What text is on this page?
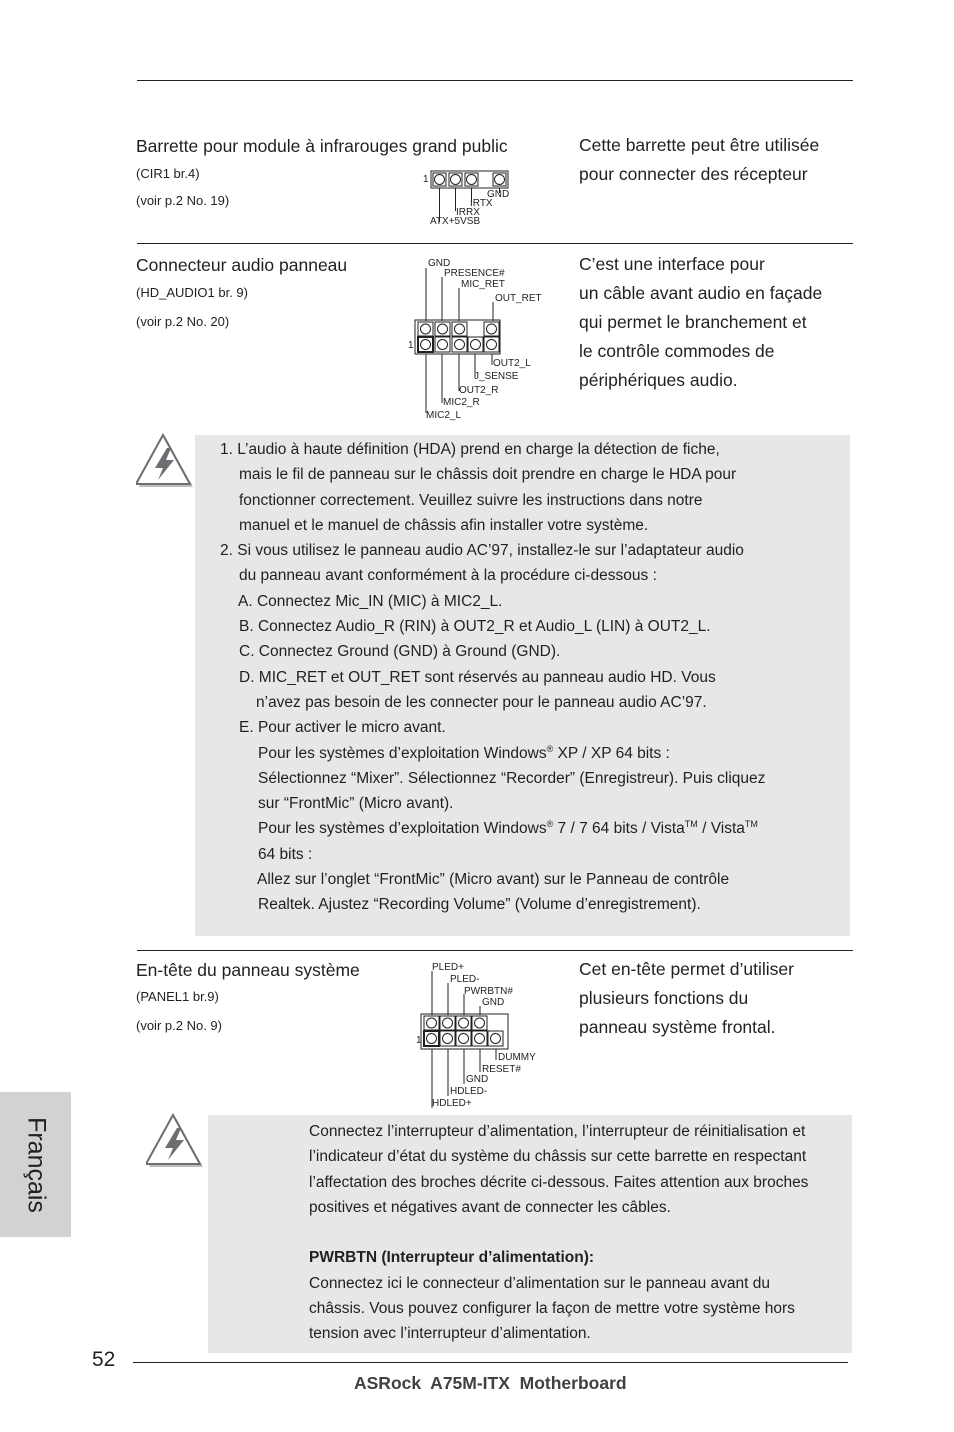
Barrette pour module à infrarouges grand public
(CIR1 br.4)
(voir p.2 No. 19)
Cette barrette peut être utilisée
pour connecter des récepteur
1
GND
IRTX
IRRX
ATX+5VSB
Connecteur audio panneau
(HD_AUDIO1 br. 9)
(voir p.2 No. 20)
C’est une interface pour
un câble avant audio en façade
qui permet le branchement et
le contrôle commodes de
périphériques audio.
GND
PRESENCE#
MIC_RET
OUT_RET
1
OUT2_L
J_SENSE
OUT2_R
MIC2_R
MIC2_L
1. L’audio à haute définition (HDA) prend en charge la détection de fiche,
mais le fil de panneau sur le châssis doit prendre en charge le HDA pour
fonctionner correctement. Veuillez suivre les instructions dans notre
manuel et le manuel de châssis afin installer votre système.
2. Si vous utilisez le panneau audio AC’97, installez-le sur l’adaptateur audio
du panneau avant conformément à la procédure ci-dessous :
A. Connectez Mic_IN (MIC) à MIC2_L.
B. Connectez Audio_R (RIN) à OUT2_R et Audio_L (LIN) à OUT2_L.
C. Connectez Ground (GND) à Ground (GND).
D. MIC_RET et OUT_RET sont réservés au panneau audio HD. Vous
n’avez pas besoin de les connecter pour le panneau audio AC’97.
E. Pour activer le micro avant.
Pour les systèmes d’exploitation Windows® XP / XP 64 bits :
Sélectionnez “Mixer”. Sélectionnez “Recorder” (Enregistreur). Puis cliquez
sur “FrontMic” (Micro avant).
Pour les systèmes d’exploitation Windows® 7 / 7 64 bits / Vista™ / Vista™
64 bits :
Allez sur l’onglet “FrontMic” (Micro avant) sur le Panneau de contrôle
Realtek. Ajustez “Recording Volume” (Volume d’enregistrement).
En-tête du panneau système
(PANEL1 br.9)
(voir p.2 No. 9)
Cet en-tête permet d’utiliser
plusieurs fonctions du
panneau système frontal.
PLED+
PLED-
PWRBTN#
GND
1
DUMMY
RESET#
GND
HDLED-
HDLED+
Français	Connectez l’interrupteur d’alimentation, l’interrupteur de réinitialisation et
l’indicateur d’état du système du châssis sur cette barrette en respectant
l’affectation des broches décrite ci-dessous. Faites attention aux broches
positives et négatives avant de connecter les câbles.
PWRBTN (Interrupteur d’alimentation):
Connectez ici le connecteur d’alimentation sur le panneau avant du
châssis. Vous pouvez configurer la façon de mettre votre système hors
tension avec l’interrupteur d’alimentation.
52
ASRock  A75M-ITX  Motherboard
